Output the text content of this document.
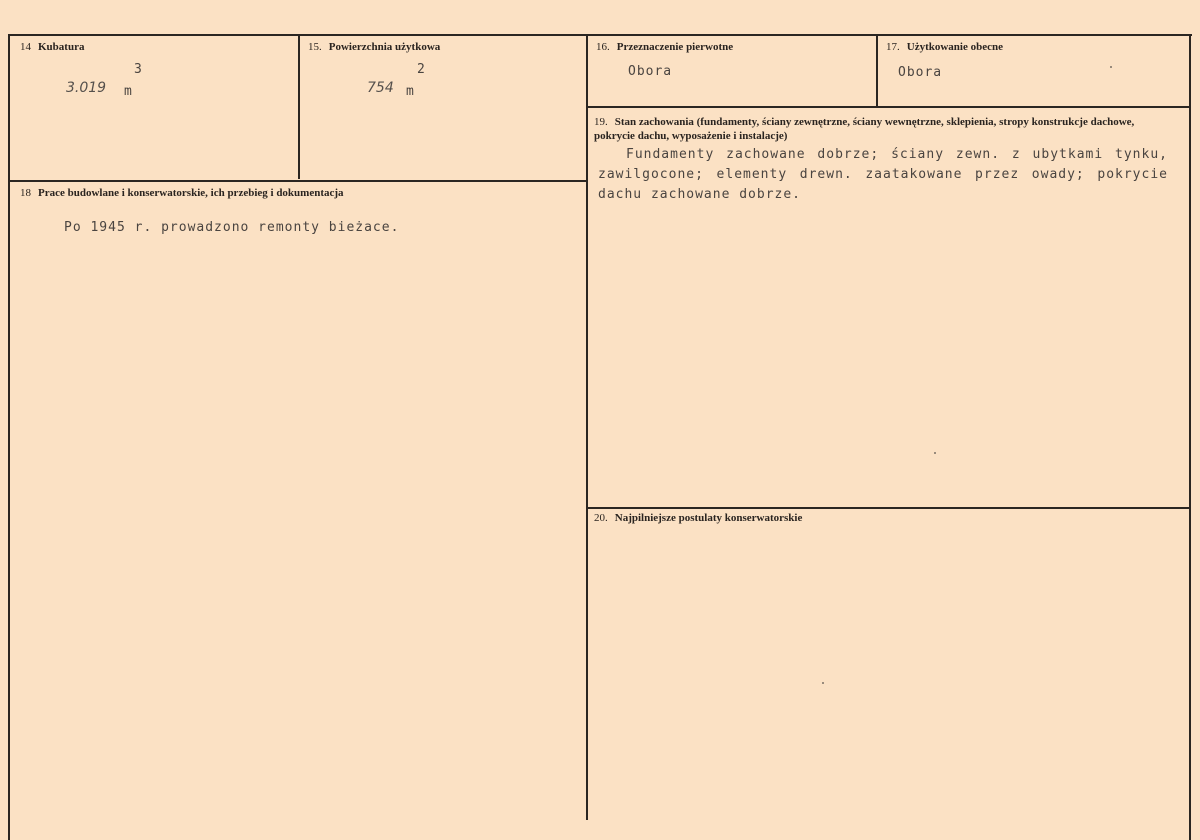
14 Kubatura
3.019 m
3
15. Powierzchnia użytkowa
754 m
2
16. Przeznaczenie pierwotne
Obora
17. Użytkowanie obecne
Obora
18 Prace budowlane i konserwatorskie, ich przebieg i dokumentacja
Po 1945 r. prowadzono remonty bieżace.
19. Stan zachowania (fundamenty, ściany zewnętrzne, ściany wewnętrzne, sklepienia, stropy konstrukcje dachowe, pokrycie dachu, wyposażenie i instalacje)
Fundamenty zachowane dobrze; ściany zewn. z ubytkami tynku, zawilgocone; elementy drewn. zaatakowane przez owady; pokrycie dachu zachowane dobrze.
20. Najpilniejsze postulaty konserwatorskie
